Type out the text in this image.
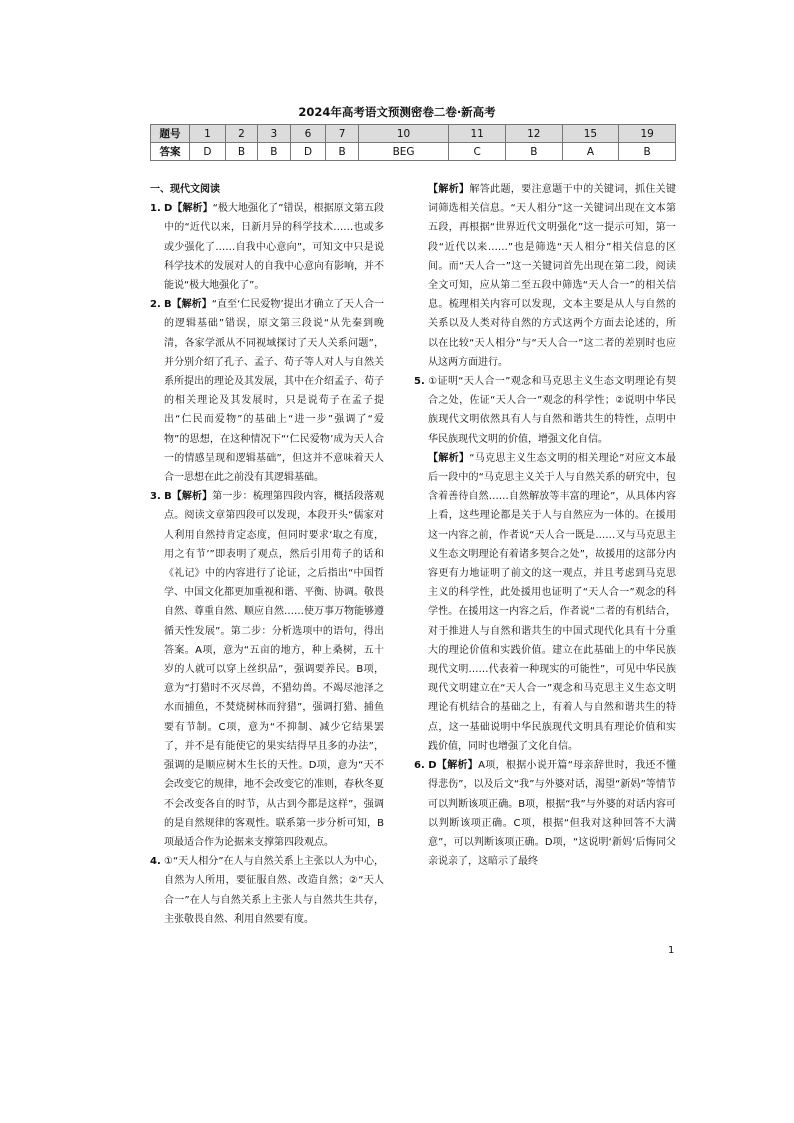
2024年高考语文预测密卷二卷·新高考
题号	1	2	3	6	7	10	11	12	15	19
答案	D	B	B	D	B	BEG	C	B	A	B

一、现代文阅读

1. D【解析】“极大地强化了”错误，根据原文第五段中的“近代以来，日新月异的科学技术……也或多或少强化了……自我中心意向”，可知文中只是说科学技术的发展对人的自我中心意向有影响，并不能说“极大地强化了”。

2. B【解析】“直至‘仁民爱物’提出才确立了天人合一的逻辑基础”错误，原文第三段说“从先秦到晚清，各家学派从不同视域探讨了天人关系问题”，并分别介绍了孔子、孟子、荀子等人对人与自然关系所提出的理论及其发展，其中在介绍孟子、荀子的相关理论及其发展时，只是说荀子在孟子提出“仁民而爱物”的基础上“进一步”强调了“爱物”的思想，在这种情况下“‘仁民爱物’成为天人合一的情感呈现和逻辑基础”，但这并不意味着天人合一思想在此之前没有其逻辑基础。

3. B【解析】第一步：梳理第四段内容，概括段落观点。阅读文章第四段可以发现，本段开头“儒家对人利用自然持肯定态度，但同时要求‘取之有度，用之有节’”即表明了观点，然后引用荀子的话和《礼记》中的内容进行了论证，之后指出“中国哲学、中国文化都更加重视和谐、平衡、协调。敬畏自然、尊重自然、顺应自然……使万事万物能够遵循天性发展”。第二步：分析选项中的语句，得出答案。A项，意为“五亩的地方，种上桑树，五十岁的人就可以穿上丝织品”，强调要养民。B项，意为“打猎时不灭尽兽，不猎幼兽。不竭尽池泽之水而捕鱼，不焚烧树林而狩猎”，强调打猎、捕鱼要有节制。C项，意为“不抑制、减少它结果罢了，并不是有能使它的果实结得早且多的办法”，强调的是顺应树木生长的天性。D项，意为“天不会改变它的规律，地不会改变它的准则，春秋冬夏不会改变各自的时节，从古到今都是这样”，强调的是自然规律的客观性。联系第一步分析可知，B项最适合作为论据来支撑第四段观点。

4. ①“天人相分”在人与自然关系上主张以人为中心，自然为人所用，要征服自然、改造自然；②“天人合一”在人与自然关系上主张人与自然共生共存，主张敬畏自然、利用自然要有度。

【解析】解答此题，要注意题干中的关键词，抓住关键词筛选相关信息。“天人相分”这一关键词出现在文本第五段，再根据“世界近代文明强化”这一提示可知，第一段“近代以来……”也是筛选“天人相分”相关信息的区间。而“天人合一”这一关键词首先出现在第二段，阅读全文可知，应从第二至五段中筛选“天人合一”的相关信息。梳理相关内容可以发现，文本主要是从人与自然的关系以及人类对待自然的方式这两个方面去论述的，所以在比较“天人相分”与“天人合一”这二者的差别时也应从这两方面进行。

5. ①证明“天人合一”观念和马克思主义生态文明理论有契合之处，佐证“天人合一”观念的科学性；②说明中华民族现代文明依然具有人与自然和谐共生的特性，点明中华民族现代文明的价值，增强文化自信。

【解析】“马克思主义生态文明的相关理论”对应文本最后一段中的“马克思主义关于人与自然关系的研究中，包含着善待自然……自然解放等丰富的理论”，从具体内容上看，这些理论都是关于人与自然应为一体的。在援用这一内容之前，作者说“天人合一既是……又与马克思主义生态文明理论有着诸多契合之处”，故援用的这部分内容更有力地证明了前文的这一观点，并且考虑到马克思主义的科学性，此处援用也证明了“天人合一”观念的科学性。在援用这一内容之后，作者说“二者的有机结合，对于推进人与自然和谐共生的中国式现代化具有十分重大的理论价值和实践价值。建立在此基础上的中华民族现代文明……代表着一种现实的可能性”，可见中华民族现代文明建立在“天人合一”观念和马克思主义生态文明理论有机结合的基础之上，有着人与自然和谐共生的特点，这一基础说明中华民族现代文明具有理论价值和实践价值，同时也增强了文化自信。

6. D【解析】A项，根据小说开篇“母亲辞世时，我还不懂得悲伤”，以及后文“我”与外婆对话，渴望“新妈”等情节可以判断该项正确。B项，根据“我”与外婆的对话内容可以判断该项正确。C项，根据“但我对这种回答不大满意”，可以判断该项正确。D项，“这说明‘新妈’后悔同父亲说亲了，这暗示了最终

1
